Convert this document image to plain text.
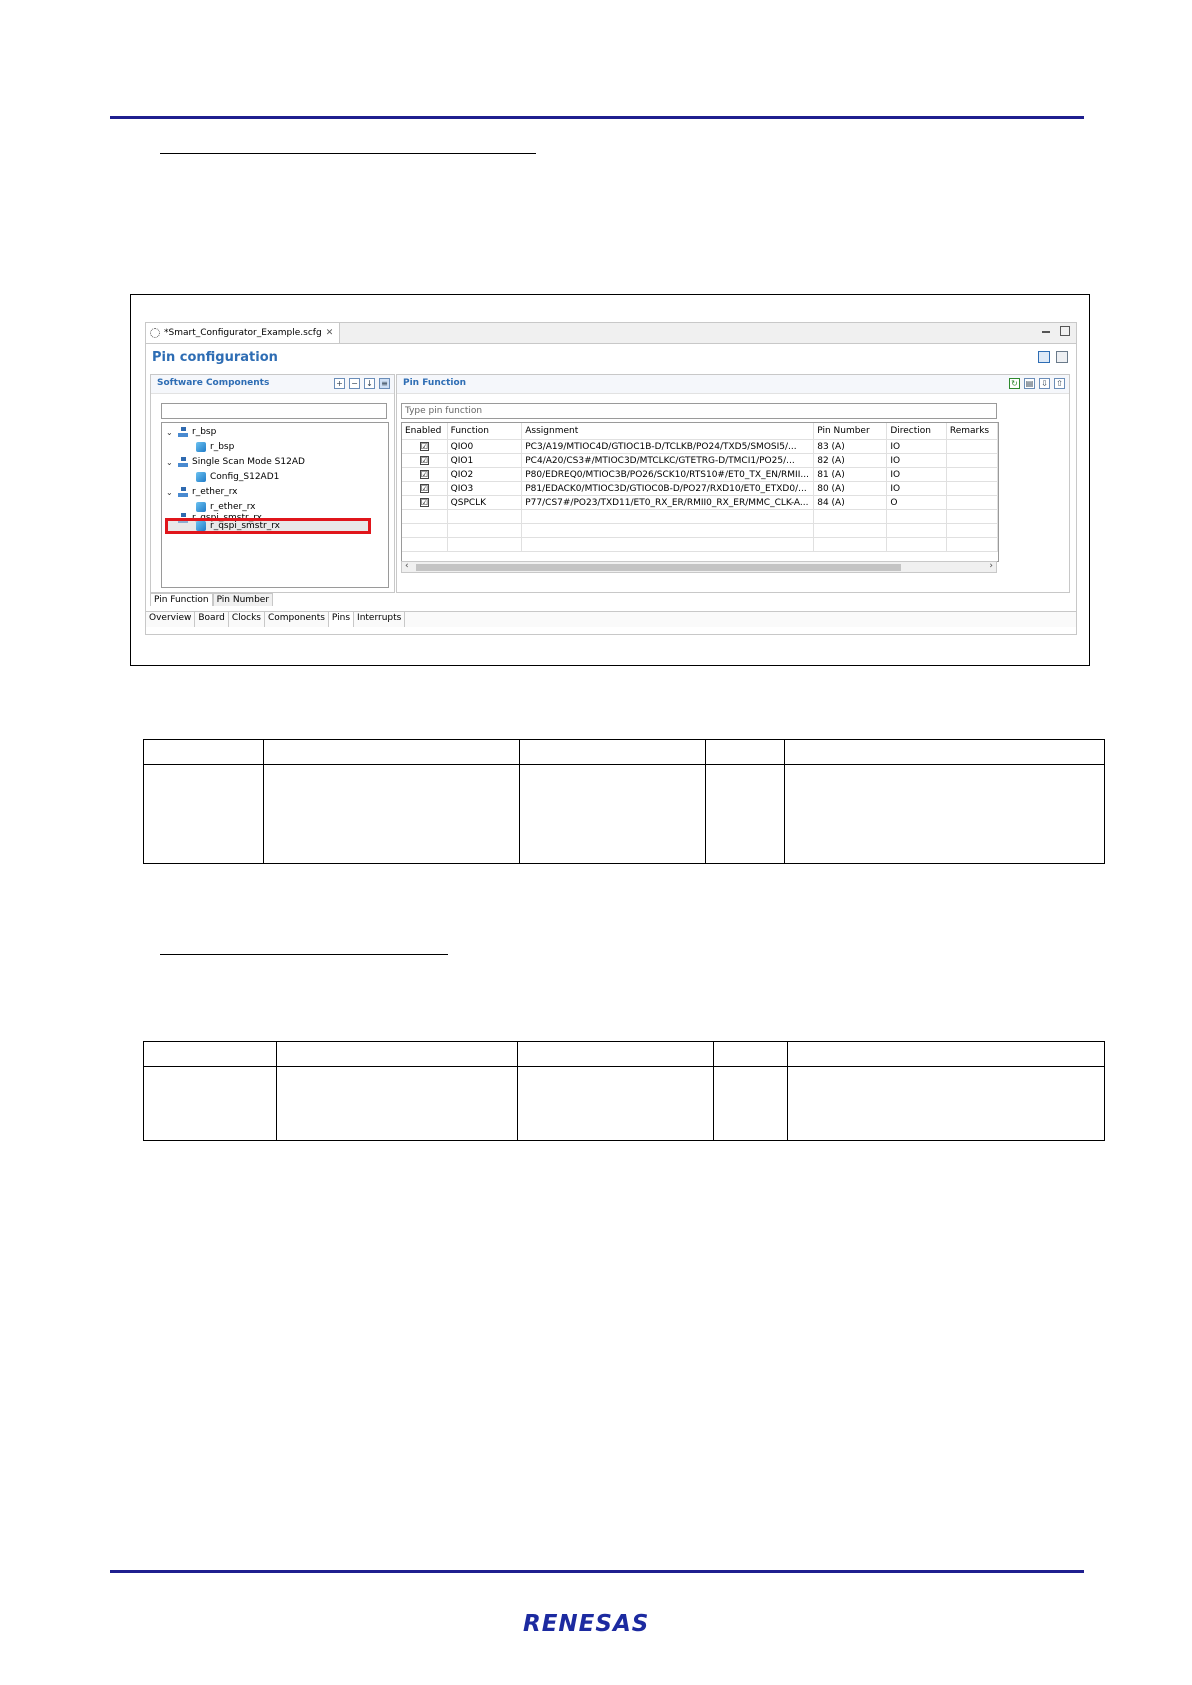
*Smart_Configurator_Example.scfg ✕
Pin configuration
Software Components	+ − ↓ ≡
⌄ r_bsp
r_bsp
⌄ Single Scan Mode S12AD
Config_S12AD1
⌄ r_ether_rx
r_ether_rx
r_qspi_smstr_rx
Pin Function	↻ ▤ ⇩ ⇧
Type pin function
Enabled	Function	Assignment	Pin Number	Direction	Remarks
☑	QIO0	PC3/A19/MTIOC4D/GTIOC1B-D/TCLKB/PO24/TXD5/SMOSI5/...	83 (A)	IO	
☑	QIO1	PC4/A20/CS3#/MTIOC3D/MTCLKC/GTETRG-D/TMCI1/PO25/...	82 (A)	IO	
☑	QIO2	P80/EDREQ0/MTIOC3B/PO26/SCK10/RTS10#/ET0_TX_EN/RMII...	81 (A)	IO	
☑	QIO3	P81/EDACK0/MTIOC3D/GTIOC0B-D/PO27/RXD10/ET0_ETXD0/...	80 (A)	IO	
☑	QSPCLK	P77/CS7#/PO23/TXD11/ET0_RX_ER/RMII0_RX_ER/MMC_CLK-A...	84 (A)	O	

‹	›
Pin Function Pin Number
Overview Board Clocks Components Pins Interrupts

RENESAS
